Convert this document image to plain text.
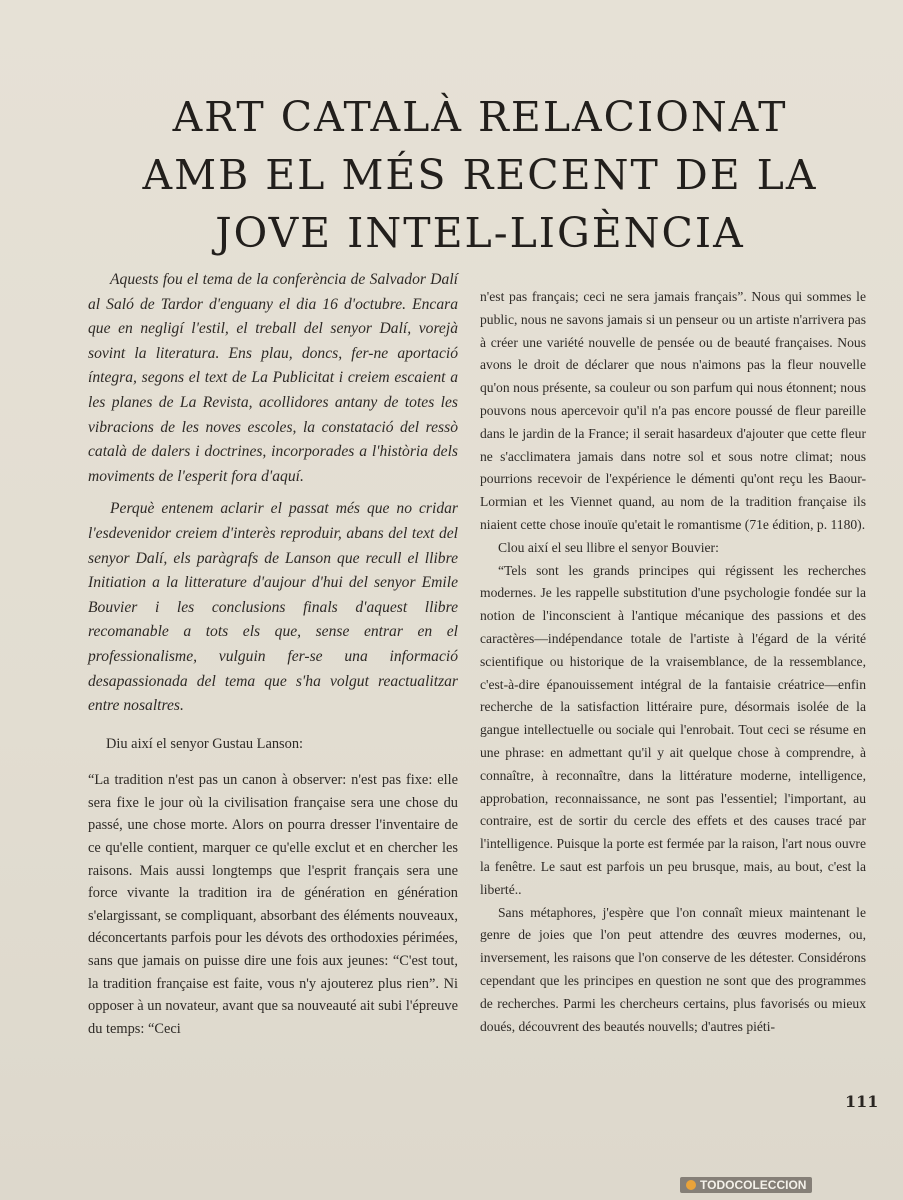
ART CATALÀ RELACIONAT
AMB EL MÉS RECENT DE LA
JOVE INTEL-LIGÈNCIA

Aquests fou el tema de la conferència de Salvador Dalí al Saló de Tardor d'enguany el dia 16 d'octubre. Encara que en negligí l'estil, el treball del senyor Dalí, vorejà sovint la literatura. Ens plau, doncs, fer-ne aportació íntegra, segons el text de La Publicitat i creiem escaient a les planes de La Revista, acollidores antany de totes les vibracions de les noves escoles, la constatació del ressò català de dalers i doctrines, incorporades a l'història dels moviments de l'esperit fora d'aquí.

Perquè entenem aclarir el passat més que no cridar l'esdevenidor creiem d'interès reproduir, abans del text del senyor Dalí, els paràgrafs de Lanson que recull el llibre Initiation a la litterature d'aujour d'hui del senyor Emile Bouvier i les conclusions finals d'aquest llibre recomanable a tots els que, sense entrar en el professionalisme, vulguin fer-se una informació desapassionada del tema que s'ha volgut reactualitzar entre nosaltres.

Diu així el senyor Gustau Lanson:

“La tradition n'est pas un canon à observer: n'est pas fixe: elle sera fixe le jour où la civilisation française sera une chose du passé, une chose morte. Alors on pourra dresser l'inventaire de ce qu'elle contient, marquer ce qu'elle exclut et en chercher les raisons. Mais aussi longtemps que l'esprit français sera une force vivante la tradition ira de génération en génération s'elargissant, se compliquant, absorbant des éléments nouveaux, déconcertants parfois pour les dévots des orthodoxies périmées, sans que jamais on puisse dire une fois aux jeunes: “C'est tout, la tradition française est faite, vous n'y ajouterez plus rien”. Ni opposer à un novateur, avant que sa nouveauté ait subi l'épreuve du temps: “Ceci

n'est pas français; ceci ne sera jamais français”. Nous qui sommes le public, nous ne savons jamais si un penseur ou un artiste n'arrivera pas à créer une variété nouvelle de pensée ou de beauté françaises. Nous avons le droit de déclarer que nous n'aimons pas la fleur nouvelle qu'on nous présente, sa couleur ou son parfum qui nous étonnent; nous pouvons nous apercevoir qu'il n'a pas encore poussé de fleur pareille dans le jardin de la France; il serait hasardeux d'ajouter que cette fleur ne s'acclimatera jamais dans notre sol et sous notre climat; nous pourrions recevoir de l'expérience le démenti qu'ont reçu les Baour-Lormian et les Viennet quand, au nom de la tradition française ils niaient cette chose inouïe qu'etait le romantisme (71e édition, p. 1180).

Clou així el seu llibre el senyor Bouvier:

“Tels sont les grands principes qui régissent les recherches modernes. Je les rappelle substitution d'une psychologie fondée sur la notion de l'inconscient à l'antique mécanique des passions et des caractères—indépendance totale de l'artiste à l'égard de la vérité scientifique ou historique de la vraisemblance, de la ressemblance, c'est-à-dire épanouissement intégral de la fantaisie créatrice—enfin recherche de la satisfaction littéraire pure, désormais isolée de la gangue intellectuelle ou sociale qui l'enrobait. Tout ceci se résume en une phrase: en admettant qu'il y ait quelque chose à comprendre, à connaître, à reconnaître, dans la littérature moderne, intelligence, approbation, reconnaissance, ne sont pas l'essentiel; l'important, au contraire, est de sortir du cercle des effets et des causes tracé par l'intelligence. Puisque la porte est fermée par la raison, l'art nous ouvre la fenêtre. Le saut est parfois un peu brusque, mais, au bout, c'est la liberté..

Sans métaphores, j'espère que l'on connaît mieux maintenant le genre de joies que l'on peut attendre des œuvres modernes, ou, inversement, les raisons que l'on conserve de les détester. Considérons cependant que les principes en question ne sont que des programmes de recherches. Parmi les chercheurs certains, plus favorisés ou mieux doués, découvrent des beautés nouvells; d'autres piéti-

111
TODOCOLECCION
